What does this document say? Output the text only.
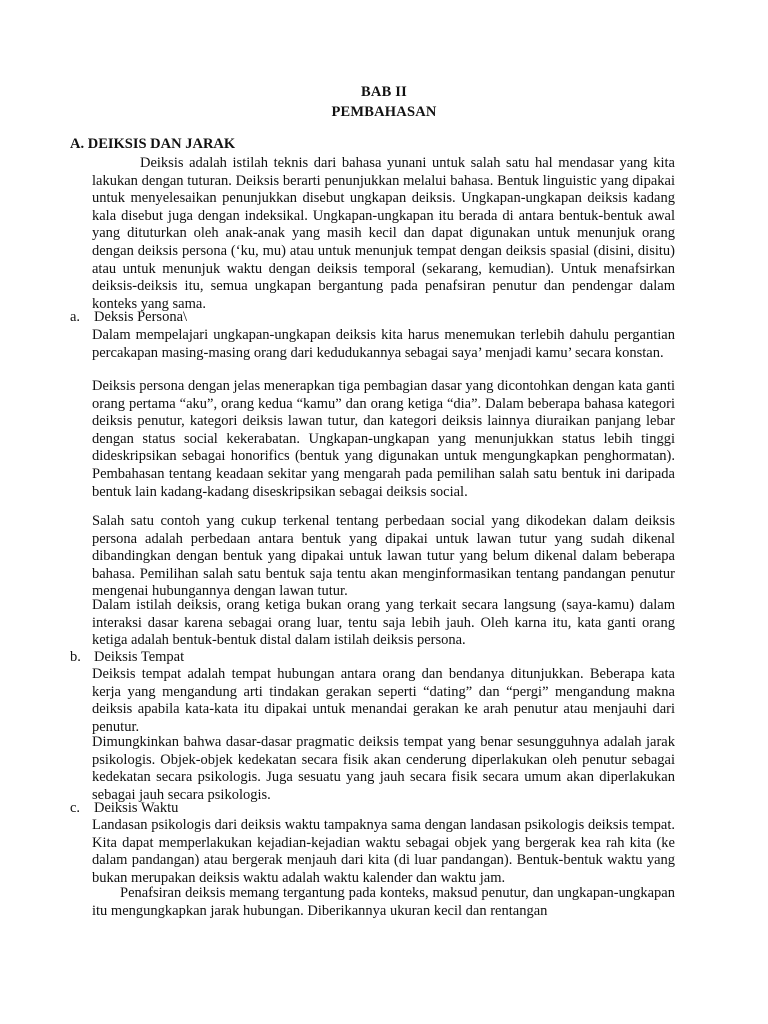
BAB II
PEMBAHASAN
A. DEIKSIS DAN JARAK

Deiksis adalah istilah teknis dari bahasa yunani untuk salah satu hal mendasar yang kita lakukan dengan tuturan. Deiksis berarti penunjukkan melalui bahasa. Bentuk linguistic yang dipakai untuk menyelesaikan penunjukkan disebut ungkapan deiksis. Ungkapan-ungkapan deiksis kadang kala disebut juga dengan indeksikal. Ungkapan-ungkapan itu berada di antara bentuk-bentuk awal yang dituturkan oleh anak-anak yang masih kecil dan dapat digunakan untuk menunjuk orang dengan deiksis persona (‘ku, mu) atau untuk menunjuk tempat dengan deiksis spasial (disini, disitu) atau untuk menunjuk waktu dengan deiksis temporal (sekarang, kemudian). Untuk menafsirkan deiksis-deiksis itu, semua ungkapan bergantung pada penafsiran penutur dan pendengar dalam konteks yang sama.

a. Deksis Persona\

Dalam mempelajari ungkapan-ungkapan deiksis kita harus menemukan terlebih dahulu pergantian percakapan masing-masing orang dari kedudukannya sebagai saya’ menjadi kamu’ secara konstan.

Deiksis persona dengan jelas menerapkan tiga pembagian dasar yang dicontohkan dengan kata ganti orang pertama “aku”, orang kedua “kamu” dan orang ketiga “dia”. Dalam beberapa bahasa kategori deiksis penutur, kategori deiksis lawan tutur, dan kategori deiksis lainnya diuraikan panjang lebar dengan status social kekerabatan. Ungkapan-ungkapan yang menunjukkan status lebih tinggi dideskripsikan sebagai honorifics (bentuk yang digunakan untuk mengungkapkan penghormatan). Pembahasan tentang keadaan sekitar yang mengarah pada pemilihan salah satu bentuk ini daripada bentuk lain kadang-kadang diseskripsikan sebagai deiksis social.

Salah satu contoh yang cukup terkenal tentang perbedaan social yang dikodekan dalam deiksis persona adalah perbedaan antara bentuk yang dipakai untuk lawan tutur yang sudah dikenal dibandingkan dengan bentuk yang dipakai untuk lawan tutur yang belum dikenal dalam beberapa bahasa. Pemilihan salah satu bentuk saja tentu akan menginformasikan tentang pandangan penutur mengenai hubungannya dengan lawan tutur.

Dalam istilah deiksis, orang ketiga bukan orang yang terkait secara langsung (saya-kamu) dalam interaksi dasar karena sebagai orang luar, tentu saja lebih jauh. Oleh karna itu, kata ganti orang ketiga adalah bentuk-bentuk distal dalam istilah deiksis persona.

b. Deiksis Tempat

Deiksis tempat adalah tempat hubungan antara orang dan bendanya ditunjukkan. Beberapa kata kerja yang mengandung arti tindakan gerakan seperti “dating” dan “pergi” mengandung makna deiksis apabila kata-kata itu dipakai untuk menandai gerakan ke arah penutur atau menjauhi dari penutur.

Dimungkinkan bahwa dasar-dasar pragmatic deiksis tempat yang benar sesungguhnya adalah jarak psikologis. Objek-objek kedekatan secara fisik akan cenderung diperlakukan oleh penutur sebagai kedekatan secara psikologis. Juga sesuatu yang jauh secara fisik secara umum akan diperlakukan sebagai jauh secara psikologis.

c. Deiksis Waktu

Landasan psikologis dari deiksis waktu tampaknya sama dengan landasan psikologis deiksis tempat. Kita dapat memperlakukan kejadian-kejadian waktu sebagai objek yang bergerak kea rah kita (ke dalam pandangan) atau bergerak menjauh dari kita (di luar pandangan). Bentuk-bentuk waktu yang bukan merupakan deiksis waktu adalah waktu kalender dan waktu jam.

Penafsiran deiksis memang tergantung pada konteks, maksud penutur, dan ungkapan-ungkapan itu mengungkapkan jarak hubungan. Diberikannya ukuran kecil dan rentangan
